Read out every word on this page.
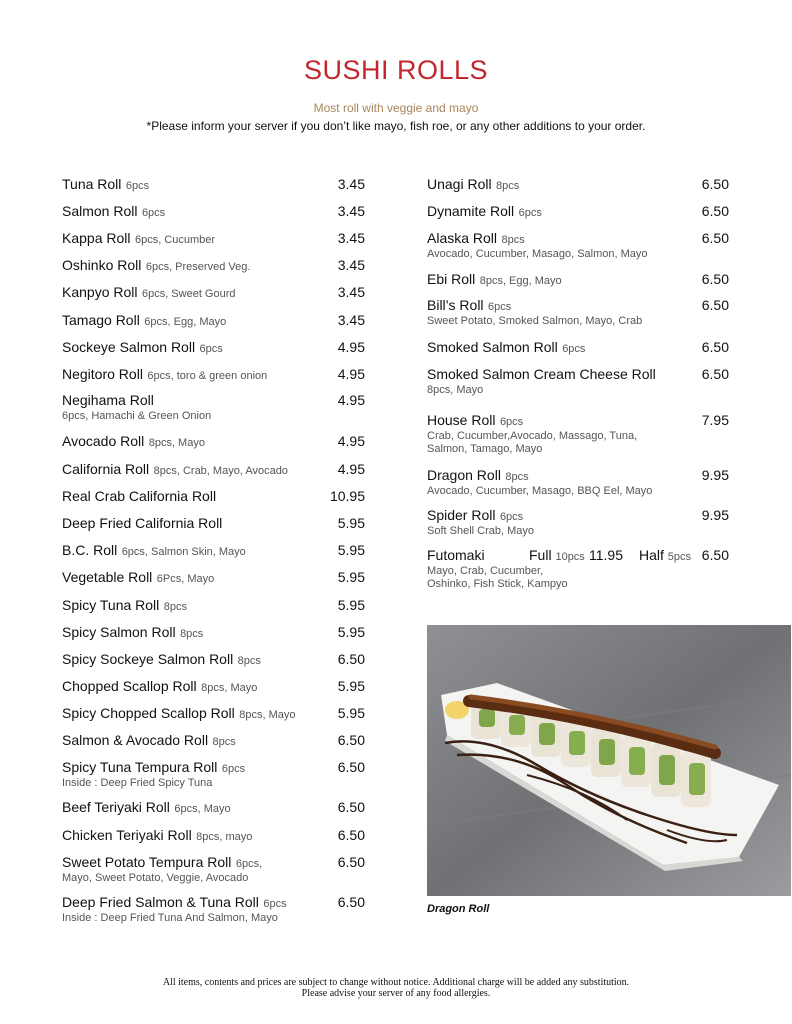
SUSHI ROLLS
Most roll with veggie and mayo
*Please inform your server if you don’t like mayo, fish roe, or any other additions to your order.
Tuna Roll 6pcs	3.45
Salmon Roll 6pcs	3.45
Kappa Roll 6pcs, Cucumber	3.45
Oshinko Roll 6pcs, Preserved Veg.	3.45
Kanpyo Roll 6pcs, Sweet Gourd	3.45
Tamago Roll 6pcs, Egg, Mayo	3.45
Sockeye Salmon Roll 6pcs	4.95
Negitoro Roll 6pcs, toro & green onion	4.95
Negihama Roll	4.95
6pcs, Hamachi & Green Onion
Avocado Roll 8pcs, Mayo	4.95
California Roll 8pcs, Crab, Mayo, Avocado	4.95
Real Crab California Roll	10.95
Deep Fried California Roll	5.95
B.C. Roll 6pcs, Salmon Skin, Mayo	5.95
Vegetable Roll 6Pcs, Mayo	5.95
Spicy Tuna Roll 8pcs	5.95
Spicy Salmon Roll 8pcs	5.95
Spicy Sockeye Salmon Roll 8pcs	6.50
Chopped Scallop Roll 8pcs, Mayo	5.95
Spicy Chopped Scallop Roll 8pcs, Mayo	5.95
Salmon & Avocado Roll 8pcs	6.50
Spicy Tuna Tempura Roll 6pcs	6.50
Inside : Deep Fried Spicy Tuna
Beef Teriyaki Roll 6pcs, Mayo	6.50
Chicken Teriyaki Roll 8pcs, mayo	6.50
Sweet Potato Tempura Roll 6pcs,	6.50
Mayo, Sweet Potato, Veggie, Avocado
Deep Fried Salmon & Tuna Roll 6pcs	6.50
Inside : Deep Fried Tuna And Salmon, Mayo
Futomaki	Full 10pcs 11.95 Half 5pcs 6.50
Mayo, Crab, Cucumber,
Oshinko, Fish Stick, Kampyo
Unagi Roll 8pcs	6.50
Dynamite Roll 6pcs	6.50
Alaska Roll 8pcs	6.50
Avocado, Cucumber, Masago, Salmon, Mayo
Ebi Roll 8pcs, Egg, Mayo	6.50
Bill’s Roll 6pcs	6.50
Sweet Potato, Smoked Salmon, Mayo, Crab
Smoked Salmon Roll 6pcs	6.50
Smoked Salmon Cream Cheese Roll	6.50
8pcs, Mayo
House Roll 6pcs	7.95
Crab, Cucumber,Avocado, Massago, Tuna,
Salmon, Tamago, Mayo
Dragon Roll 8pcs	9.95
Avocado, Cucumber, Masago, BBQ Eel, Mayo
Spider Roll 6pcs	9.95
Soft Shell Crab, Mayo
Dragon Roll
All items, contents and prices are subject to change without notice. Additional charge will be added any substitution.
Please advise your server of any food allergies.
